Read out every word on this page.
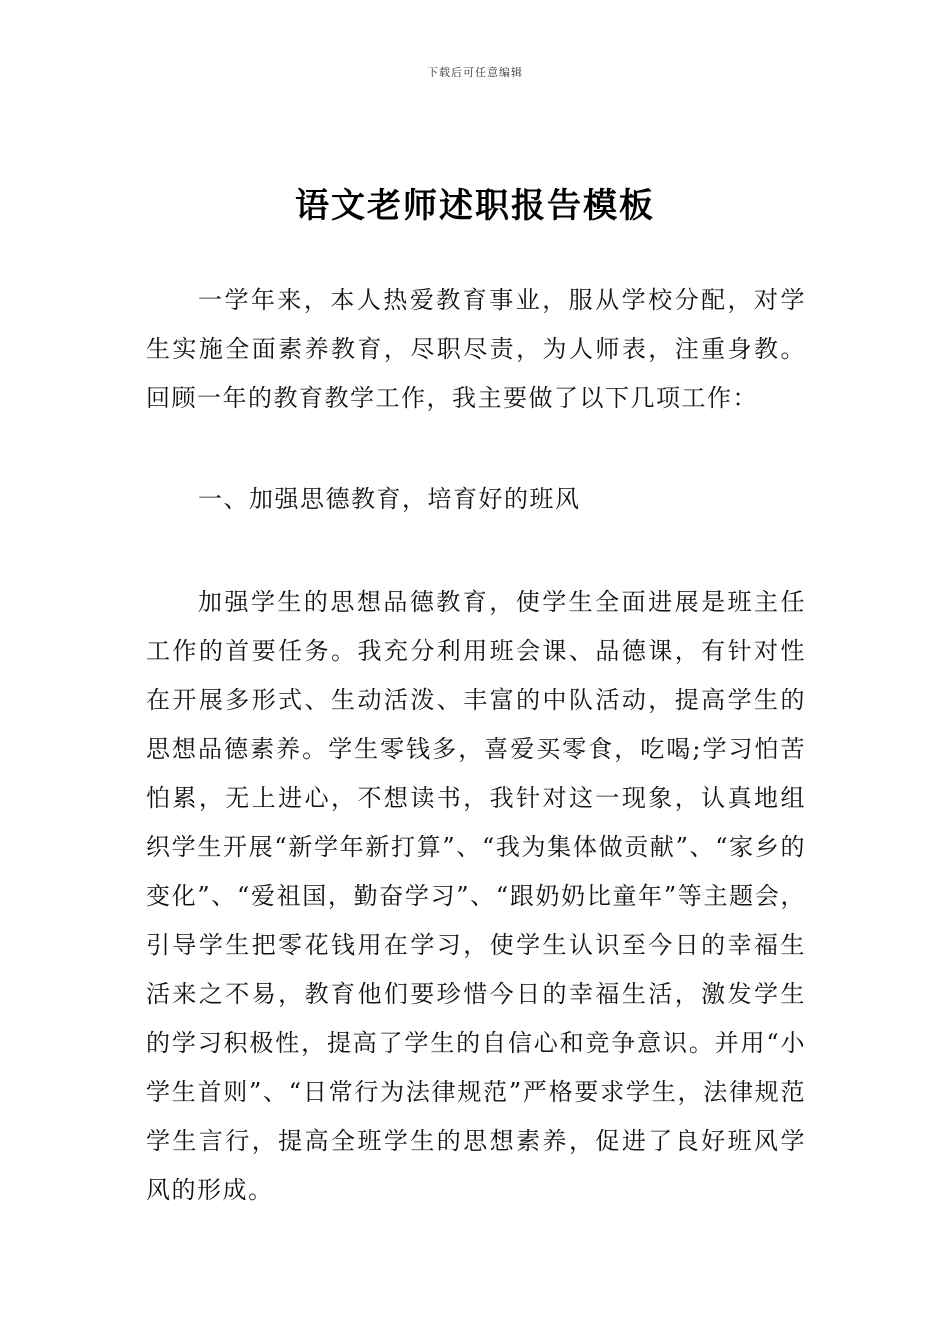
下载后可任意编辑
语文老师述职报告模板

一学年来，本人热爱教育事业，服从学校分配，对学生实施全面素养教育，尽职尽责，为人师表，注重身教。回顾一年的教育教学工作，我主要做了以下几项工作：

一、加强思德教育，培育好的班风

加强学生的思想品德教育，使学生全面进展是班主任工作的首要任务。我充分利用班会课、品德课，有针对性在开展多形式、生动活泼、丰富的中队活动，提高学生的思想品德素养。学生零钱多，喜爱买零食，吃喝;学习怕苦怕累，无上进心，不想读书，我针对这一现象，认真地组织学生开展“新学年新打算”、“我为集体做贡献”、“家乡的变化”、“爱祖国，勤奋学习”、“跟奶奶比童年”等主题会，引导学生把零花钱用在学习，使学生认识至今日的幸福生活来之不易，教育他们要珍惜今日的幸福生活，激发学生的学习积极性，提高了学生的自信心和竞争意识。并用“小学生首则”、“日常行为法律规范”严格要求学生，法律规范学生言行，提高全班学生的思想素养，促进了良好班风学风的形成。
